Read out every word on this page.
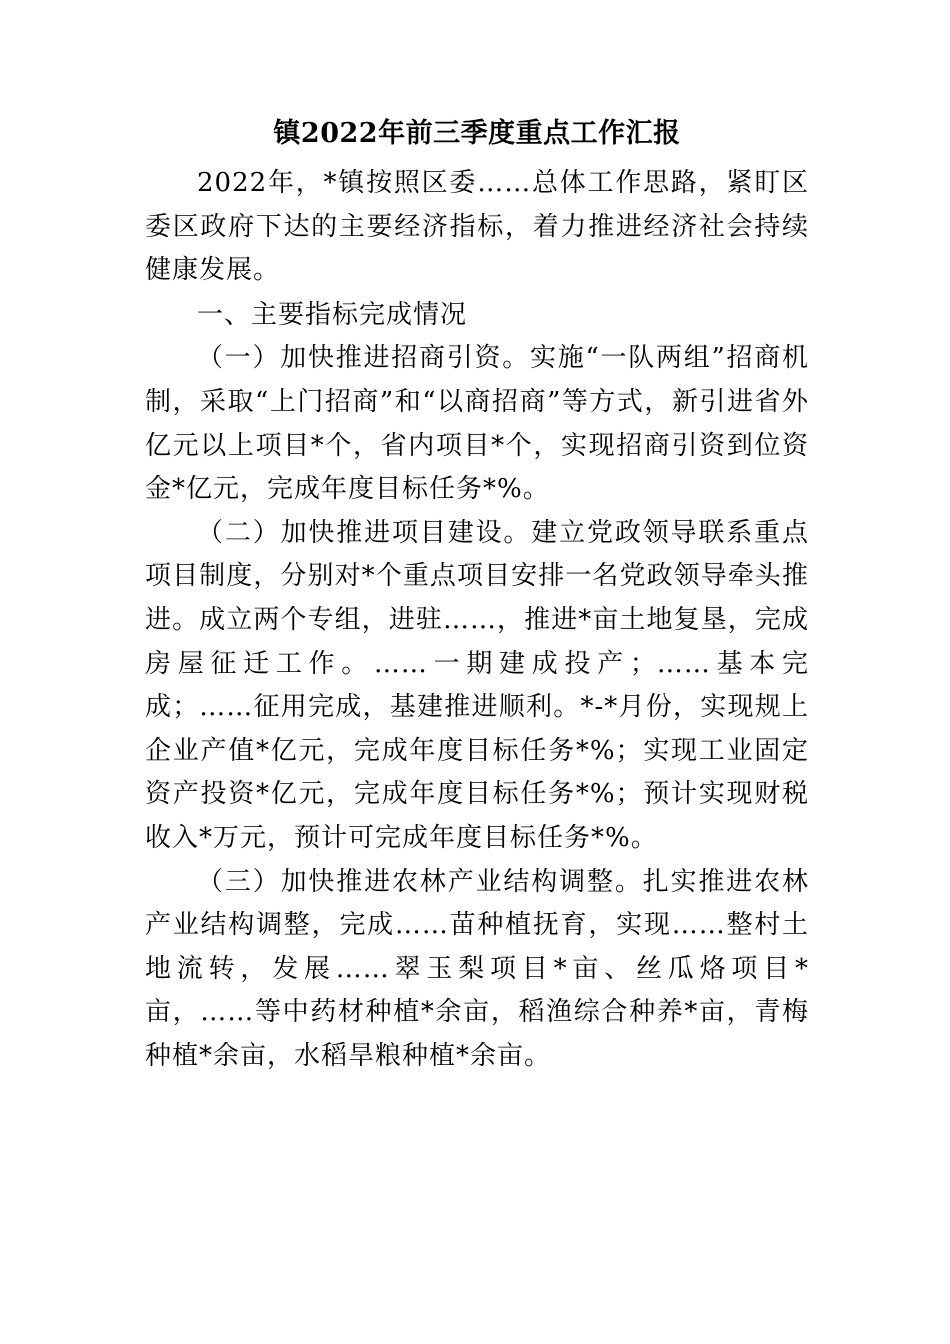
镇2022年前三季度重点工作汇报

2022年，*镇按照区委……总体工作思路，紧盯区委区政府下达的主要经济指标，着力推进经济社会持续健康发展。

一、主要指标完成情况

（一）加快推进招商引资。实施“一队两组”招商机制，采取“上门招商”和“以商招商”等方式，新引进省外亿元以上项目*个，省内项目*个，实现招商引资到位资金*亿元，完成年度目标任务*%。

（二）加快推进项目建设。建立党政领导联系重点项目制度，分别对*个重点项目安排一名党政领导牵头推进。成立两个专组，进驻……，推进*亩土地复垦，完成房屋征迁工作。……一期建成投产；……基本完成；……征用完成，基建推进顺利。*-*月份，实现规上企业产值*亿元，完成年度目标任务*%；实现工业固定资产投资*亿元，完成年度目标任务*%；预计实现财税收入*万元，预计可完成年度目标任务*%。

（三）加快推进农林产业结构调整。扎实推进农林产业结构调整，完成……苗种植抚育，实现……整村土地流转，发展……翠玉梨项目*亩、丝瓜烙项目*亩，……等中药材种植*余亩，稻渔综合种养*亩，青梅种植*余亩，水稻旱粮种植*余亩。
